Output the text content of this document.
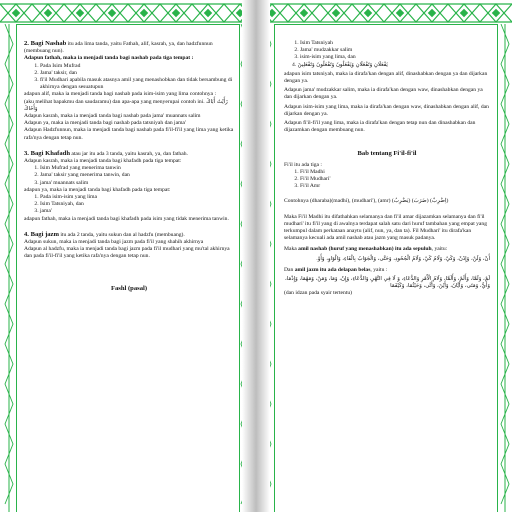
2. Bagi Nashab itu ada lima tanda, yaitu Fathah, alif, kasrah, ya, dan hadzfunnun (membuang nun).

Adapun fathah, maka ia menjadi tanda bagi nashab pada tiga tempat :

1. Pada Isim Mufrad
2. Jama' taksir, dan
3. fi'il Mudhari apabila masuk atasnya amil yang menashobkan dan tidak bersambung di akhirnya dengan sesuatupun

adapun alif, maka ia menjadi tanda bagi nashab pada isim-isim yang lima contohnya :

(aku melihat bapakmu dan saudaramu) dan apa-apa yang menyerupai contoh ini. رَأَيْتُ أَبَاكَ وَأَخَاكَ

Adapun kasrah, maka ia menjadi tanda bagi nashab pada jama' muannats salim

Adapun ya, maka ia menjadi tanda bagi nashab pada tatsniyah dan jama'

Adapun Hadzfunnun, maka ia menjadi tanda bagi nashab pada fi'il-fi'il yang lima yang ketika rafa'nya dengan tetap nun.

3. Bagi Khafadh atau jar itu ada 3 tanda, yaitu kasrah, ya, dan fathah.

Adapun kasrah, maka ia menjadi tanda bagi khafadh pada tiga tempat:

1. Isim Mufrad yang menerima tanwin
2. Jama' taksir yang menerima tanwin, dan
3. jama' muannats salim

adapun ya, maka ia menjadi tanda bagi khafadh pada tiga tempat:

1. Pada isim-isim yang lima
2. Isim Tatsniyah, dan
3. jama'

adapun fathah, maka ia menjadi tanda bagi khafadh pada isim yang tidak menerima tanwin.

4. Bagi jazm itu ada 2 tanda, yaitu sukun dan al hadzfu (membuang).

Adapun sukun, maka ia menjadi tanda bagi jazm pada fi'il yang shahih akhirnya

Adapun al hadzfu, maka ia menjadi tanda bagi jazm pada fi'il mudhari yang mu'tal akhirnya dan pada fi'il-fi'il yang ketika rafa'nya dengan tetap nun.

Fashl (pasal)

1. Isim Tatsniyah
2. Jama' mudzakkar salim
3. isim-isim yang lima, dan

4. يَفْعَلَانِ وَتَفْعَلَانِ وَيَفْعَلُونَ وَتَفْعَلُونَ وَتَفْعَلِينَ

adapun isim tatsniyah, maka ia dirafa'kan dengan alif, dinashabkan dengan ya dan dijarkan dengan ya.

Adapun jama' mudzakkar salim, maka ia dirafa'kan dengan waw, dinashabkan dengan ya dan dijarkan dengan ya.

Adapun isim-isim yang lima, maka ia dirafa'kan dengan waw, dinashabkan dengan alif, dan dijarkan dengan ya.

Adapun fi'il-fi'il yang lima, maka ia dirafa'kan dengan tetap nun dan dinashabkan dan dijazamkan dengan membuang nun.

Bab tentang Fi'il-fi'il

Fi'il itu ada tiga :

1. Fi'il Madhi
2. Fi'il Mudhari'
3. Fi'il Amr

Contohnya (dharaba)(madhi), (mudhari'), (amr) (يَضْرِبُ) (ضَرَبَ) (اِضْرِبْ)

Maka Fi'il Madhi itu difathahkan selamanya dan fi'il amar dijazamkan selamanya dan fi'il mudhari' itu fi'il yang di awalnya terdapat salah satu dari huruf tambahan yang empat yang terkumpul dalam perkataan anaytu (alif, nun, ya, dan ta). Fil Mudhari' itu dirafa'kan selamanya kecuali ada amil nashab atau jazm yang masuk padanya.

Maka amil nashab (huruf yang menashabkan) itu ada sepuluh, yaitu:

أَنْ، وَلَنْ، وَإِذَنْ، وَكَيْ، وَلَامُ كَيْ، وَلَامُ الْجُحُودِ، وَحَتَّى، وَالْجَوَابُ بِالْفَاءِ، وَالْوَاوِ، وَأَوْ.

Dan amil jazm itu ada delapan belas, yaitu :

لَمْ، وَلَمَّا، وَأَلَمْ، وَأَلَمَّا، وَلَامُ الْأَمْرِ وَالدُّعَاءِ، وَ لَا فِي النَّهْيِ وَالدُّعَاءِ، وَإِنْ، وَمَا، وَمَنْ، وَمَهْمَا، وَإِذْمَا، وَأَيُّ، وَمَتَى، وَأَيَّانَ، وَأَيْنَ، وَأَنَّى، وَحَيْثُمَا، وَكَيْفَمَا

(dan idzan pada syair tertentu)
